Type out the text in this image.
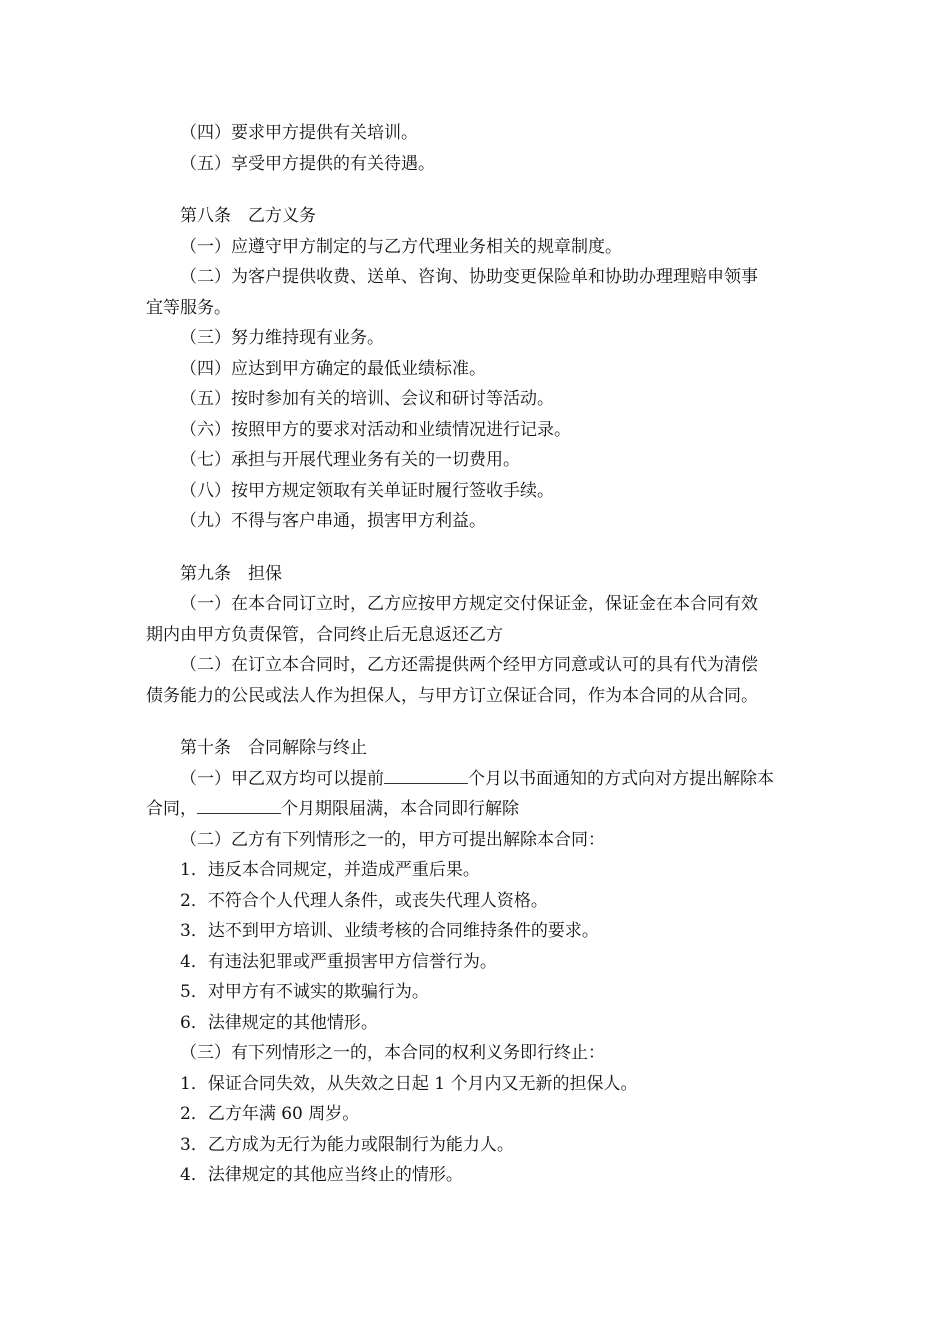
（四）要求甲方提供有关培训。
（五）享受甲方提供的有关待遇。
第八条　乙方义务
（一）应遵守甲方制定的与乙方代理业务相关的规章制度。
（二）为客户提供收费、送单、咨询、协助变更保险单和协助办理理赔申领事
宜等服务。
（三）努力维持现有业务。
（四）应达到甲方确定的最低业绩标准。
（五）按时参加有关的培训、会议和研讨等活动。
（六）按照甲方的要求对活动和业绩情况进行记录。
（七）承担与开展代理业务有关的一切费用。
（八）按甲方规定领取有关单证时履行签收手续。
（九）不得与客户串通，损害甲方利益。
第九条　担保
（一）在本合同订立时，乙方应按甲方规定交付保证金，保证金在本合同有效
期内由甲方负责保管，合同终止后无息返还乙方
（二）在订立本合同时，乙方还需提供两个经甲方同意或认可的具有代为清偿
债务能力的公民或法人作为担保人，与甲方订立保证合同，作为本合同的从合同。
第十条　合同解除与终止
（一）甲乙双方均可以提前	个月以书面通知的方式向对方提出解除本
合同，	个月期限届满，本合同即行解除
（二）乙方有下列情形之一的，甲方可提出解除本合同：
1．违反本合同规定，并造成严重后果。
2．不符合个人代理人条件，或丧失代理人资格。
3．达不到甲方培训、业绩考核的合同维持条件的要求。
4．有违法犯罪或严重损害甲方信誉行为。
5．对甲方有不诚实的欺骗行为。
6．法律规定的其他情形。
（三）有下列情形之一的，本合同的权利义务即行终止：
1．保证合同失效，从失效之日起 1 个月内又无新的担保人。
2．乙方年满 60 周岁。
3．乙方成为无行为能力或限制行为能力人。
4．法律规定的其他应当终止的情形。
